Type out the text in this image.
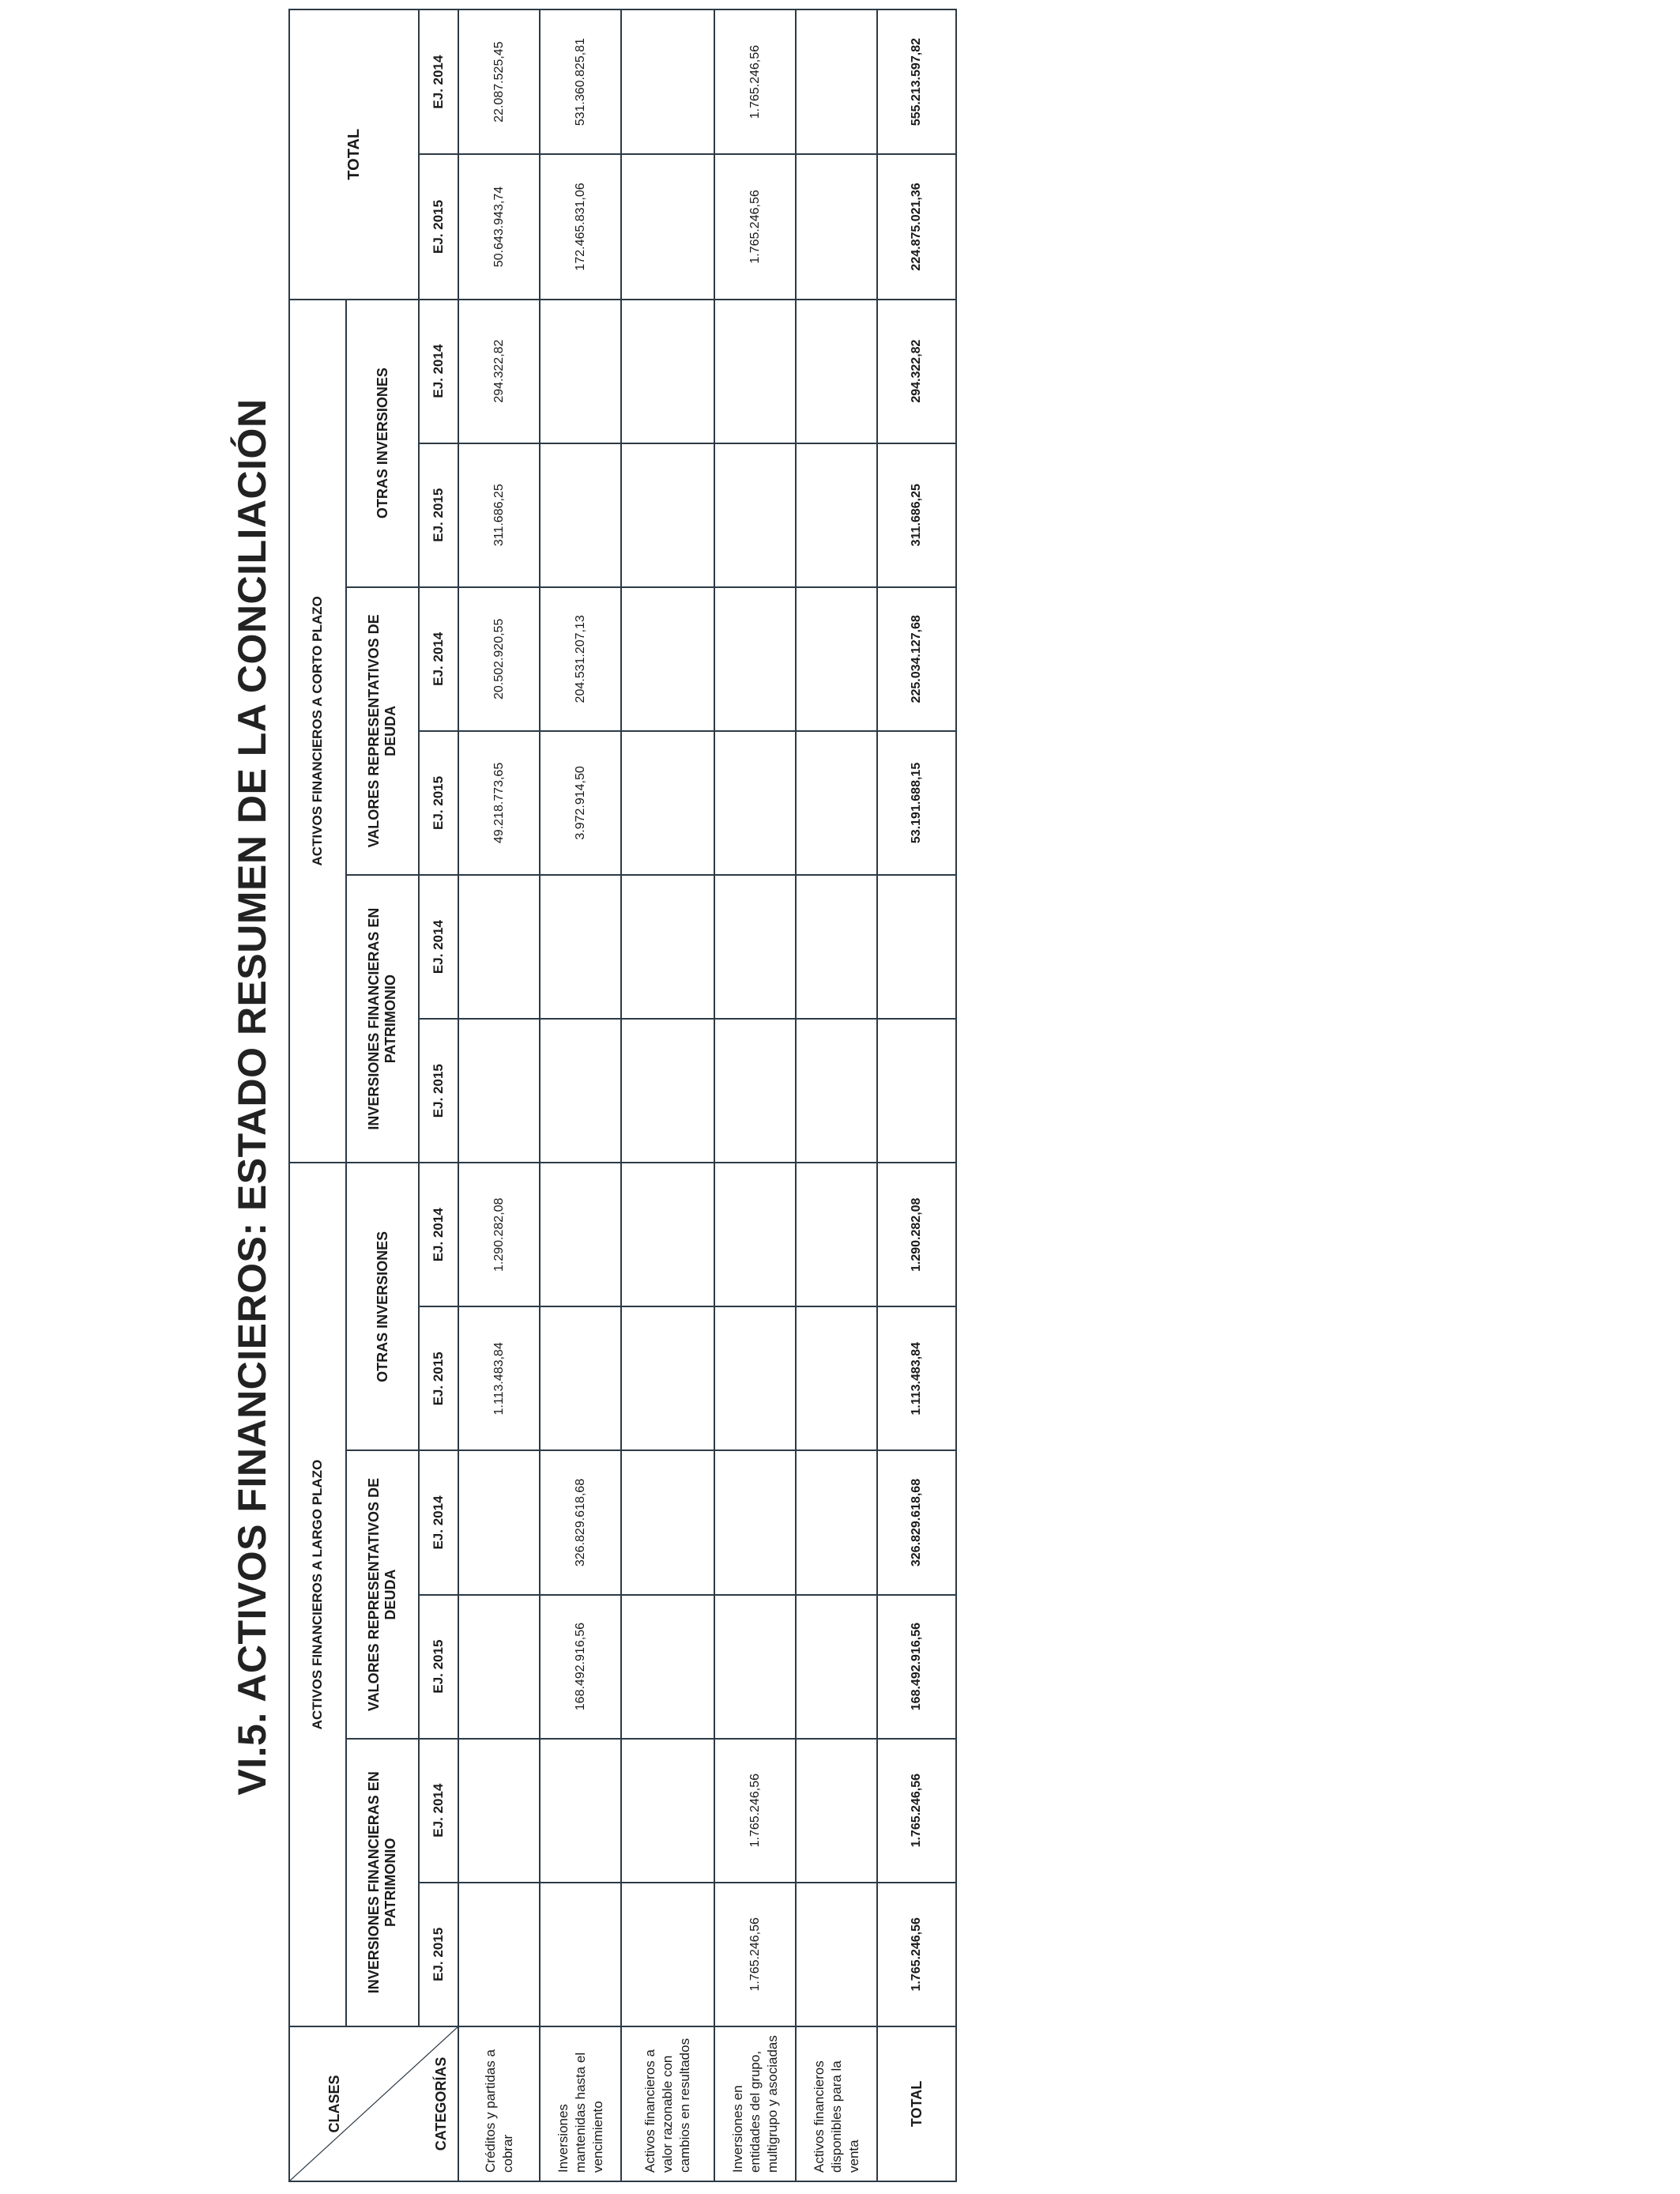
VI.5. ACTIVOS FINANCIEROS: ESTADO RESUMEN DE LA CONCILIACIÓN
CLASES CATEGORÍAS	ACTIVOS FINANCIEROS A LARGO PLAZO						ACTIVOS FINANCIEROS A CORTO PLAZO						TOTAL	
	INVERSIONES FINANCIERAS EN PATRIMONIO		VALORES REPRESENTATIVOS DE DEUDA		OTRAS INVERSIONES		INVERSIONES FINANCIERAS EN PATRIMONIO		VALORES REPRESENTATIVOS DE DEUDA		OTRAS INVERSIONES			
	EJ. 2015	EJ. 2014	EJ. 2015	EJ. 2014	EJ. 2015	EJ. 2014	EJ. 2015	EJ. 2014	EJ. 2015	EJ. 2014	EJ. 2015	EJ. 2014	EJ. 2015	EJ. 2014
Créditos y partidas a cobrar					1.113.483,84	1.290.282,08			49.218.773,65	20.502.920,55	311.686,25	294.322,82	50.643.943,74	22.087.525,45
Inversiones mantenidas hasta el vencimiento			168.492.916,56	326.829.618,68					3.972.914,50	204.531.207,13			172.465.831,06	531.360.825,81
Activos financieros a valor razonable con cambios en resultados														
Inversiones en entidades del grupo, multigrupo y asociadas	1.765.246,56	1.765.246,56											1.765.246,56	1.765.246,56
Activos financieros disponibles para la venta														
TOTAL	1.765.246,56	1.765.246,56	168.492.916,56	326.829.618,68	1.113.483,84	1.290.282,08			53.191.688,15	225.034.127,68	311.686,25	294.322,82	224.875.021,36	555.213.597,82
